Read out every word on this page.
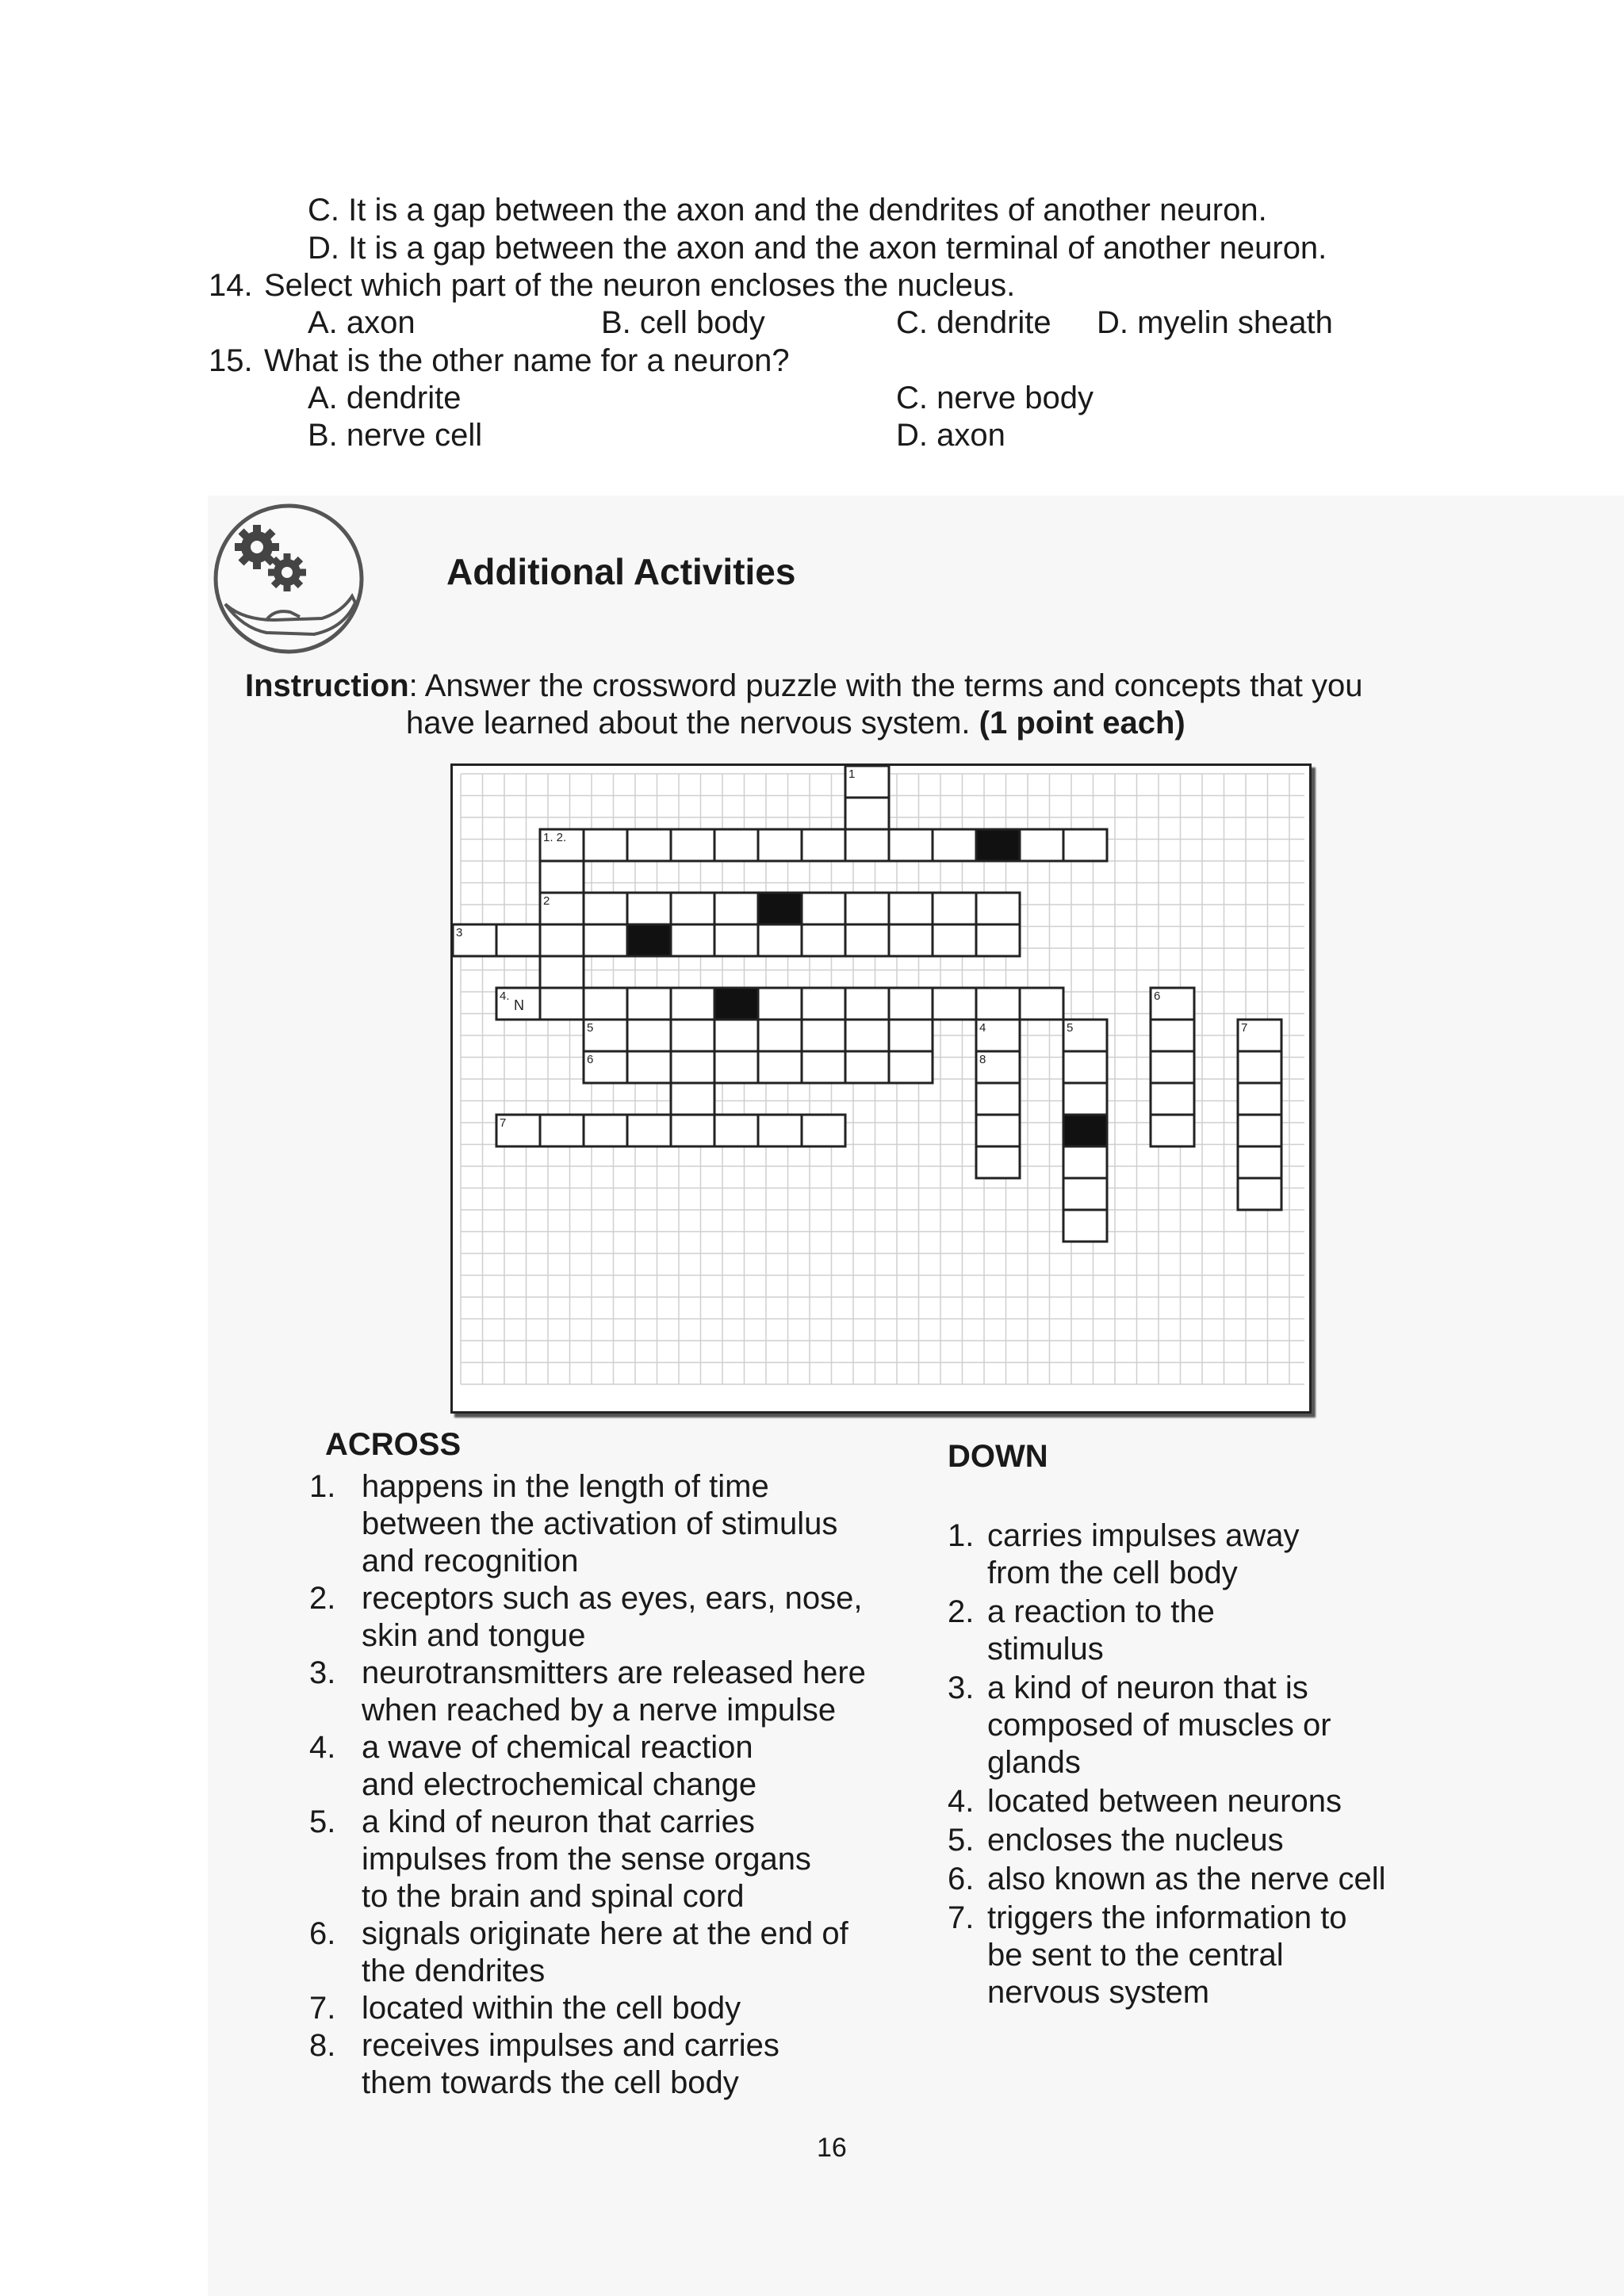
C. It is a gap between the axon and the dendrites of another neuron.
D. It is a gap between the axon and the axon terminal of another neuron.
14. Select which part of the neuron encloses the nucleus.
A. axon	B. cell body	C. dendrite D. myelin sheath
15. What is the other name for a neuron?
A. dendrite	C. nerve body
B. nerve cell	D. axon
Additional Activities
Instruction: Answer the crossword puzzle with the terms and concepts that you
have learned about the nervous system. (1 point each)
1
4	5
6
7
1. 2.
2
3
4.
N
5
6
7
8
ACROSS
1. happens in the length of time
between the activation of stimulus
and recognition
2. receptors such as eyes, ears, nose,
skin and tongue
3. neurotransmitters are released here
when reached by a nerve impulse
4. a wave of chemical reaction
and electrochemical change
5. a kind of neuron that carries
impulses from the sense organs
to the brain and spinal cord
6. signals originate here at the end of
the dendrites
7. located within the cell body
8. receives impulses and carries
them towards the cell body
DOWN
1. carries impulses away
from the cell body
2. a reaction to the
stimulus
3. a kind of neuron that is
composed of muscles or
glands
4. located between neurons
5. encloses the nucleus
6. also known as the nerve cell
7. triggers the information to
be sent to the central
nervous system
16
